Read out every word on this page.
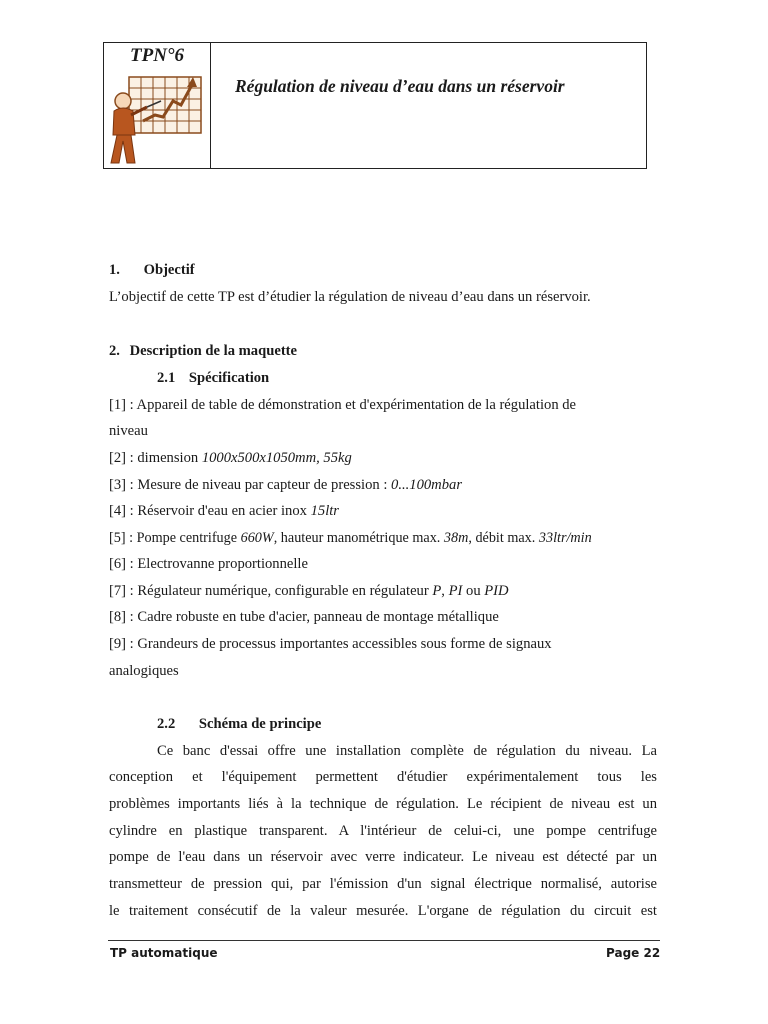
TPN°6
Régulation de niveau d’eau dans un réservoir
1. Objectif
L’objectif de cette TP est d’étudier la régulation de niveau d’eau dans un réservoir.
2. Description de la maquette
2.1 Spécification
[1] : Appareil de table de démonstration et d'expérimentation de la régulation de
niveau
[2] : dimension 1000x500x1050mm, 55kg
[3] : Mesure de niveau par capteur de pression : 0...100mbar
[4] : Réservoir d'eau en acier inox 15ltr
[5] : Pompe centrifuge 660W, hauteur manométrique max. 38m, débit max. 33ltr/min
[6] : Electrovanne proportionnelle
[7] : Régulateur numérique, configurable en régulateur P, PI ou PID
[8] : Cadre robuste en tube d'acier, panneau de montage métallique
[9] : Grandeurs de processus importantes accessibles sous forme de signaux
analogiques
2.2 Schéma de principe
Ce banc d'essai offre une installation complète de régulation du niveau. La
conception et l'équipement permettent d'étudier expérimentalement tous les
problèmes importants liés à la technique de régulation. Le récipient de niveau est un
cylindre en plastique transparent. A l'intérieur de celui-ci, une pompe centrifuge
pompe de l'eau dans un réservoir avec verre indicateur. Le niveau est détecté par un
transmetteur de pression qui, par l'émission d'un signal électrique normalisé, autorise
le traitement consécutif de la valeur mesurée. L'organe de régulation du circuit est
TP automatique	Page 22
